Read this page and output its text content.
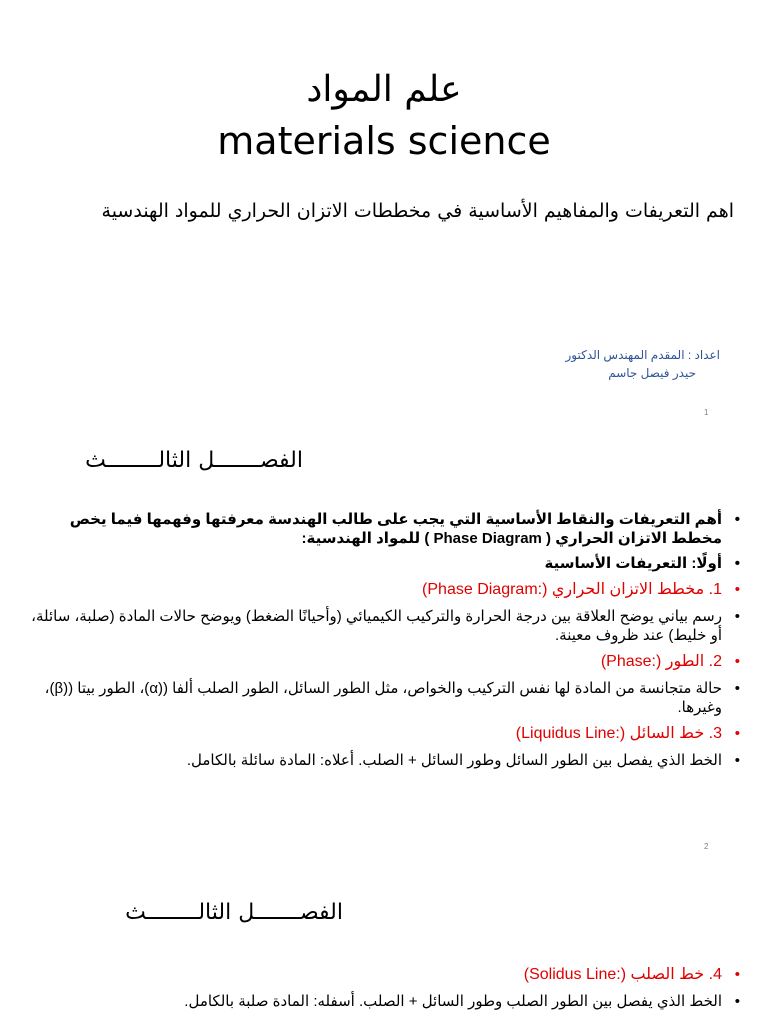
علم المواد
materials science
اهم التعريفات والمفاهيم الأساسية في مخططات الاتزان الحراري للمواد الهندسية
اعداد : المقدم المهندس الدكتور
حيدر فيصل جاسم
1
الفصـــــــل الثالــــــــث
• أهم التعريفات والنقاط الأساسية التي يجب على طالب الهندسة معرفتها وفهمها فيما يخص مخطط الاتزان الحراري ( Phase Diagram ) للمواد الهندسية:
• أولًا: التعريفات الأساسية
• 1. مخطط الاتزان الحراري (:Phase Diagram)
• رسم بياني يوضح العلاقة بين درجة الحرارة والتركيب الكيميائي (وأحيانًا الضغط) ويوضح حالات المادة (صلبة، سائلة، أو خليط) عند ظروف معينة.
• 2. الطور (:Phase)
• حالة متجانسة من المادة لها نفس التركيب والخواص، مثل الطور السائل، الطور الصلب ألفا ((α)، الطور بيتا ((β)، وغيرها.
• 3. خط السائل (:Liquidus Line)
• الخط الذي يفصل بين الطور السائل وطور السائل + الصلب. أعلاه: المادة سائلة بالكامل.
2
الفصـــــــل الثالــــــــث
• 4. خط الصلب (:Solidus Line)
• الخط الذي يفصل بين الطور الصلب وطور السائل + الصلب. أسفله: المادة صلبة بالكامل.
